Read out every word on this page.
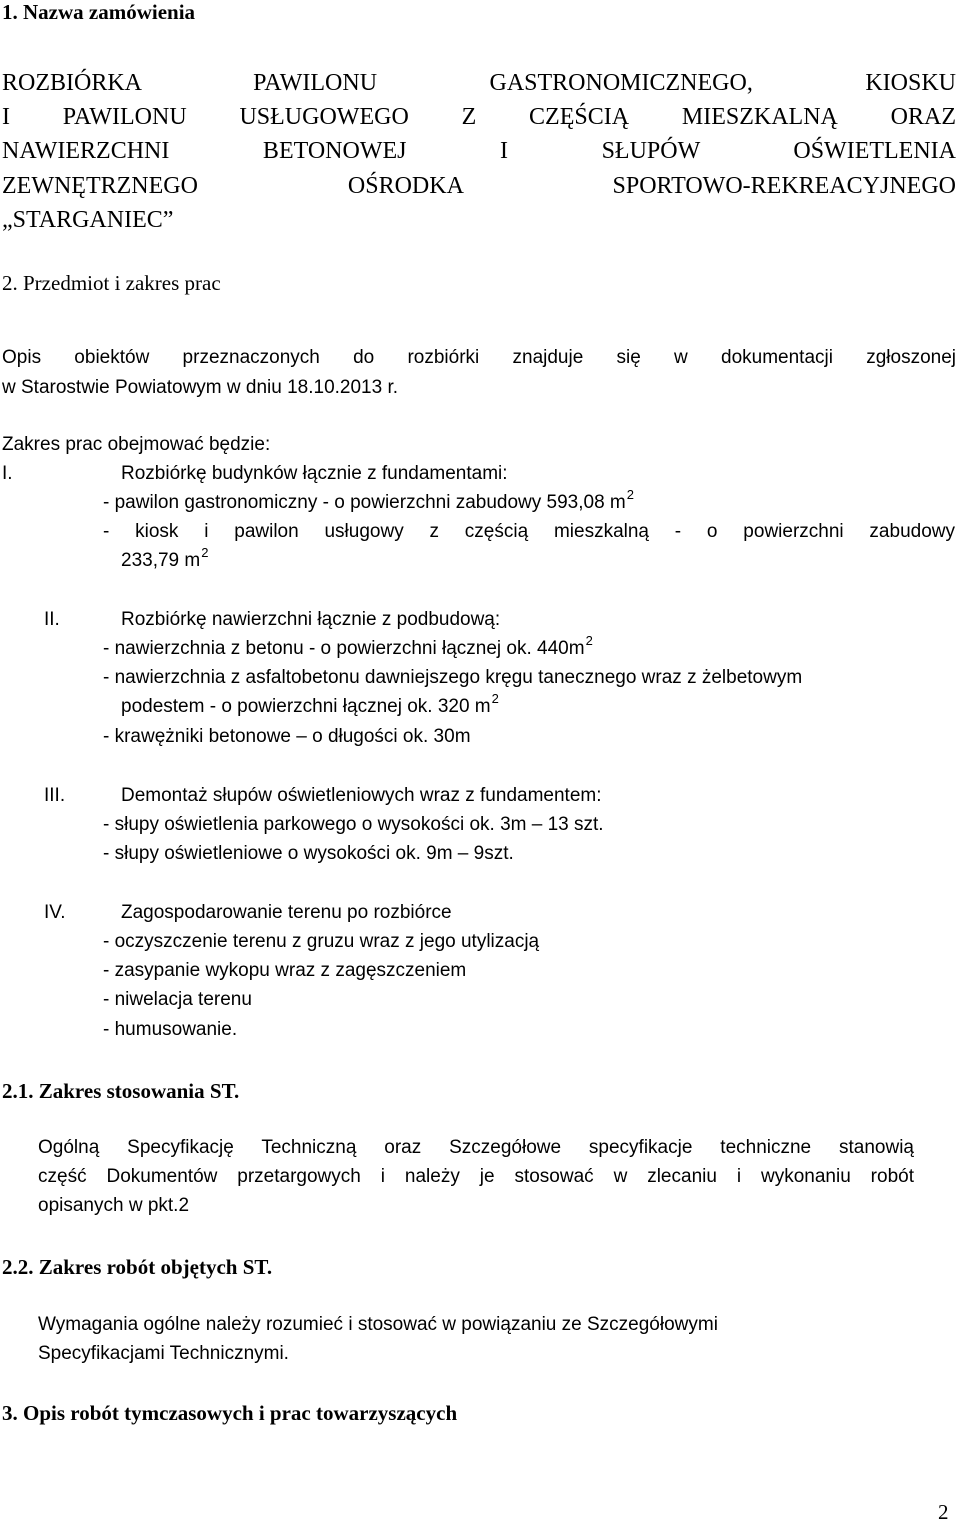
1. Nazwa zamówienia
ROZBIÓRKA PAWILONU GASTRONOMICZNEGO, KIOSKU
I PAWILONU USŁUGOWEGO Z CZĘŚCIĄ MIESZKALNĄ ORAZ
NAWIERZCHNI BETONOWEJ I SŁUPÓW OŚWIETLENIA
ZEWNĘTRZNEGO OŚRODKA SPORTOWO-REKREACYJNEGO
„STARGANIEC”
2. Przedmiot i zakres prac
Opis obiektów przeznaczonych do rozbiórki znajduje się w dokumentacji zgłoszonej
w Starostwie Powiatowym w dniu 18.10.2013 r.
Zakres prac obejmować będzie:
I.	Rozbiórkę budynków łącznie z fundamentami:
- pawilon gastronomiczny - o powierzchni zabudowy 593,08 $m^2$
- kiosk i pawilon usługowy z częścią mieszkalną - o powierzchni zabudowy
233,79 $m^2$
II.	Rozbiórkę nawierzchni łącznie z podbudową:
- nawierzchnia z betonu - o powierzchni łącznej ok. $440m^2$
- nawierzchnia z asfaltobetonu dawniejszego kręgu tanecznego wraz z żelbetowym
podestem - o powierzchni łącznej ok. 320 $m^2$
- krawężniki betonowe – o długości ok. 30m
III.	Demontaż słupów oświetleniowych wraz z fundamentem:
- słupy oświetlenia parkowego o wysokości ok. 3m – 13 szt.
- słupy oświetleniowe o wysokości ok. 9m – 9szt.
IV.	Zagospodarowanie terenu po rozbiórce
- oczyszczenie terenu z gruzu wraz z jego utylizacją
- zasypanie wykopu wraz z zagęszczeniem
- niwelacja terenu
- humusowanie.
2.1. Zakres stosowania ST.
Ogólną Specyfikację Techniczną oraz Szczegółowe specyfikacje techniczne stanowią
część Dokumentów przetargowych i należy je stosować w zlecaniu i wykonaniu robót
opisanych w pkt.2
2.2. Zakres robót objętych ST.
Wymagania ogólne należy rozumieć i stosować w powiązaniu ze Szczegółowymi
Specyfikacjami Technicznymi.
3. Opis robót tymczasowych i prac towarzyszących
2
